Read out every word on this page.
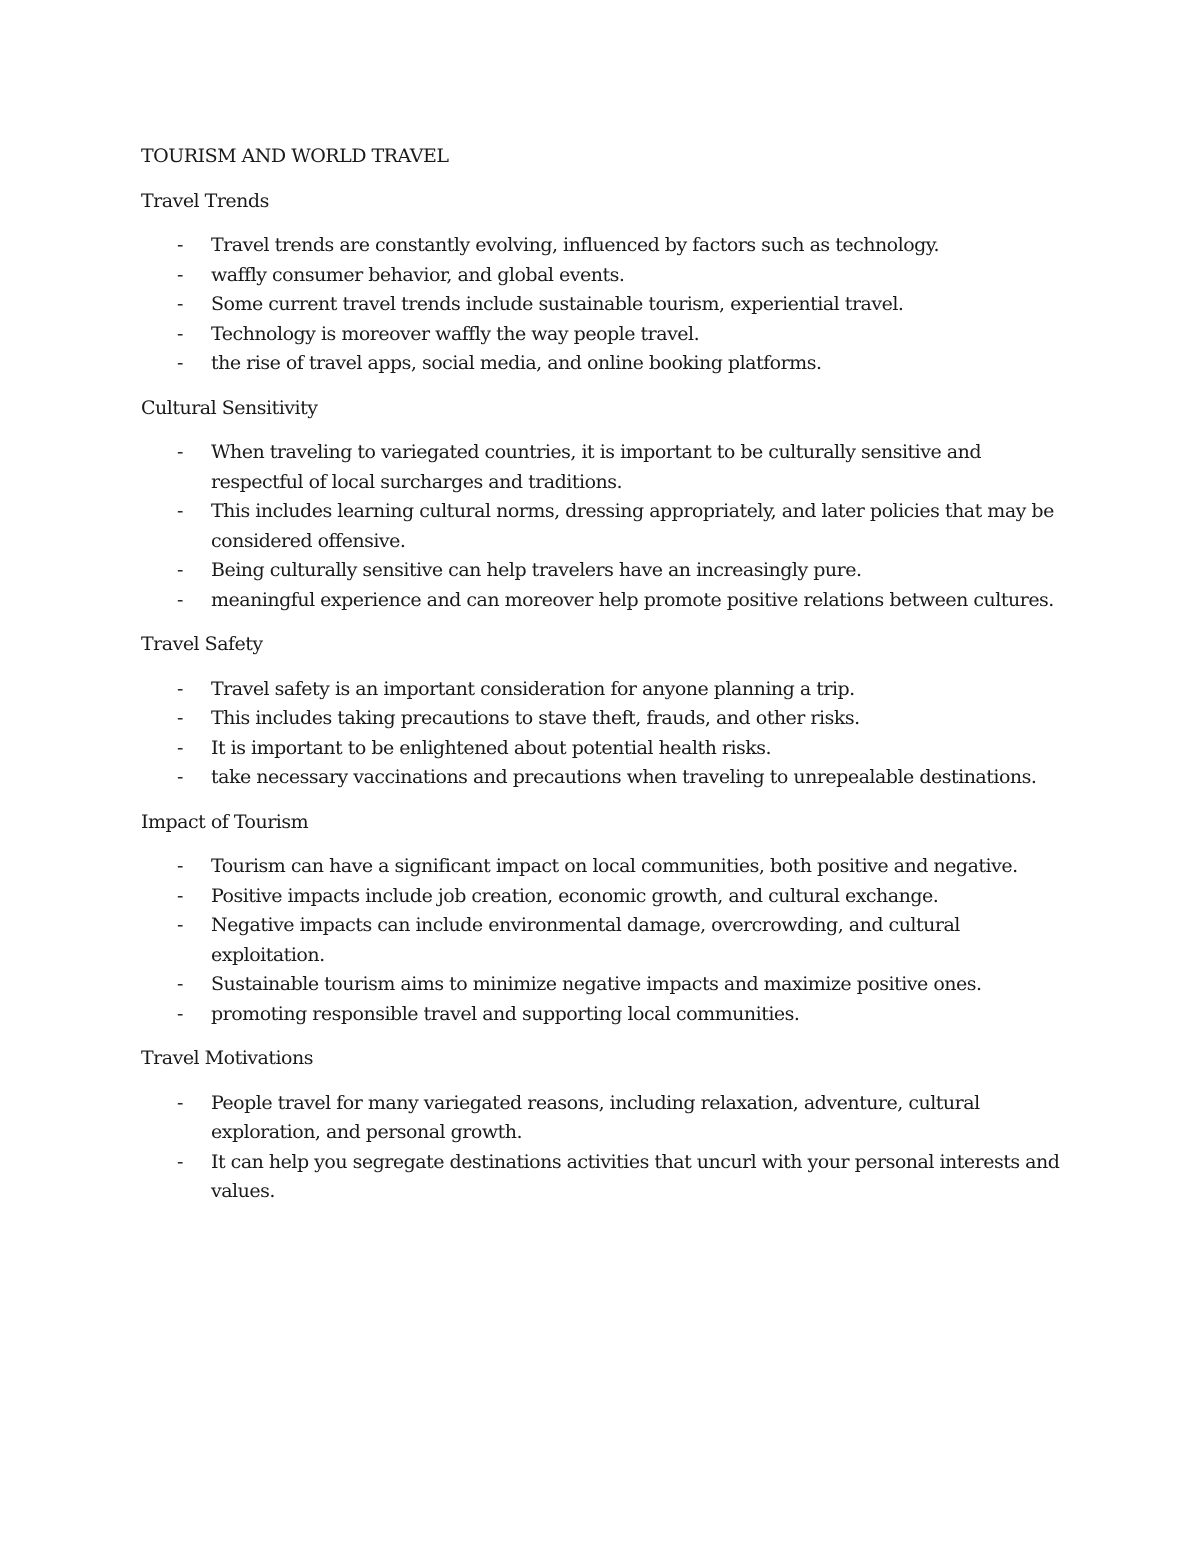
TOURISM AND WORLD TRAVEL

Travel Trends

- Travel trends are constantly evolving, influenced by factors such as technology.
- waffly consumer behavior, and global events.
- Some current travel trends include sustainable tourism, experiential travel.
- Technology is moreover waffly the way people travel.
- the rise of travel apps, social media, and online booking platforms.

Cultural Sensitivity

- When traveling to variegated countries, it is important to be culturally sensitive and respectful of local surcharges and traditions.
- This includes learning cultural norms, dressing appropriately, and later policies that may be considered offensive.
- Being culturally sensitive can help travelers have an increasingly pure.
- meaningful experience and can moreover help promote positive relations between cultures.

Travel Safety

- Travel safety is an important consideration for anyone planning a trip.
- This includes taking precautions to stave theft, frauds, and other risks.
- It is important to be enlightened about potential health risks.
- take necessary vaccinations and precautions when traveling to unrepealable destinations.

Impact of Tourism

- Tourism can have a significant impact on local communities, both positive and negative.
- Positive impacts include job creation, economic growth, and cultural exchange.
- Negative impacts can include environmental damage, overcrowding, and cultural exploitation.
- Sustainable tourism aims to minimize negative impacts and maximize positive ones.
- promoting responsible travel and supporting local communities.

Travel Motivations

- People travel for many variegated reasons, including relaxation, adventure, cultural exploration, and personal growth.
- It can help you segregate destinations activities that uncurl with your personal interests and values.
